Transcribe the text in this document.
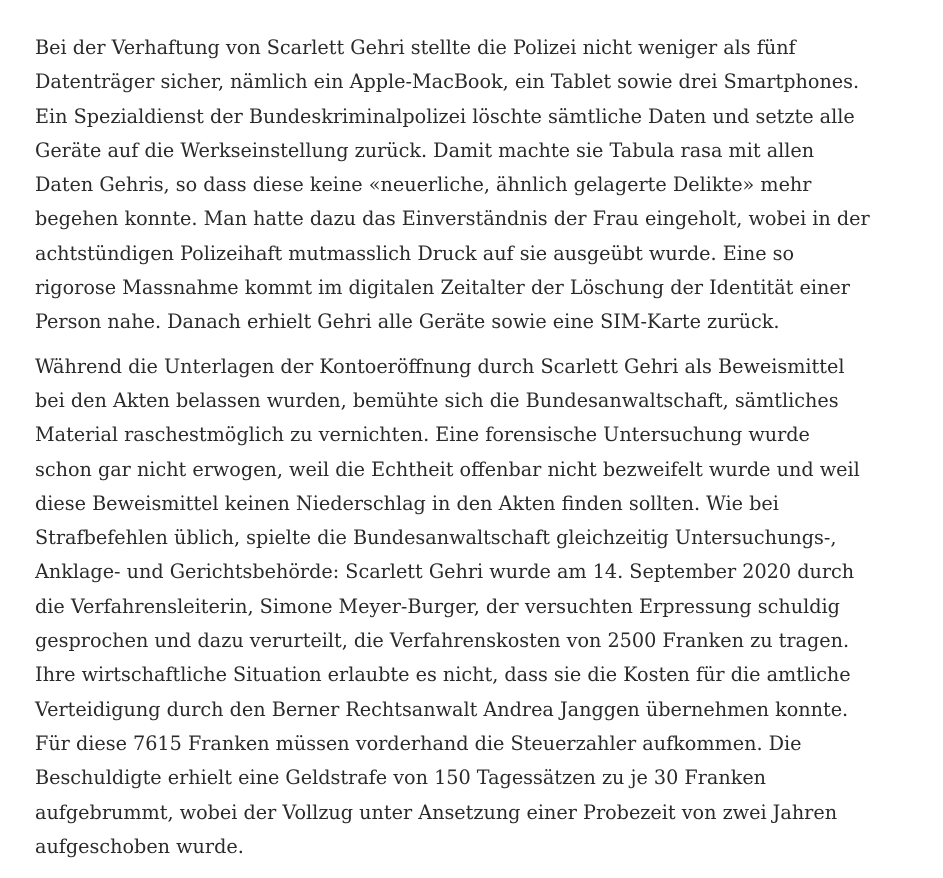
Bei der Verhaftung von Scarlett Gehri stellte die Polizei nicht weniger als fünf
Datenträger sicher, nämlich ein Apple-MacBook, ein Tablet sowie drei Smartphones.
Ein Spezialdienst der Bundeskriminalpolizei löschte sämtliche Daten und setzte alle
Geräte auf die Werkseinstellung zurück. Damit machte sie Tabula rasa mit allen
Daten Gehris, so dass diese keine «neuerliche, ähnlich gelagerte Delikte» mehr
begehen konnte. Man hatte dazu das Einverständnis der Frau eingeholt, wobei in der
achtstündigen Polizeihaft mutmasslich Druck auf sie ausgeübt wurde. Eine so
rigorose Massnahme kommt im digitalen Zeitalter der Löschung der Identität einer
Person nahe. Danach erhielt Gehri alle Geräte sowie eine SIM-Karte zurück.

Während die Unterlagen der Kontoeröffnung durch Scarlett Gehri als Beweismittel
bei den Akten belassen wurden, bemühte sich die Bundesanwaltschaft, sämtliches
Material raschestmöglich zu vernichten. Eine forensische Untersuchung wurde
schon gar nicht erwogen, weil die Echtheit offenbar nicht bezweifelt wurde und weil
diese Beweismittel keinen Niederschlag in den Akten finden sollten. Wie bei
Strafbefehlen üblich, spielte die Bundesanwaltschaft gleichzeitig Untersuchungs-,
Anklage- und Gerichtsbehörde: Scarlett Gehri wurde am 14. September 2020 durch
die Verfahrensleiterin, Simone Meyer-Burger, der versuchten Erpressung schuldig
gesprochen und dazu verurteilt, die Verfahrenskosten von 2500 Franken zu tragen.
Ihre wirtschaftliche Situation erlaubte es nicht, dass sie die Kosten für die amtliche
Verteidigung durch den Berner Rechtsanwalt Andrea Janggen übernehmen konnte.
Für diese 7615 Franken müssen vorderhand die Steuerzahler aufkommen. Die
Beschuldigte erhielt eine Geldstrafe von 150 Tagessätzen zu je 30 Franken
aufgebrummt, wobei der Vollzug unter Ansetzung einer Probezeit von zwei Jahren
aufgeschoben wurde.
